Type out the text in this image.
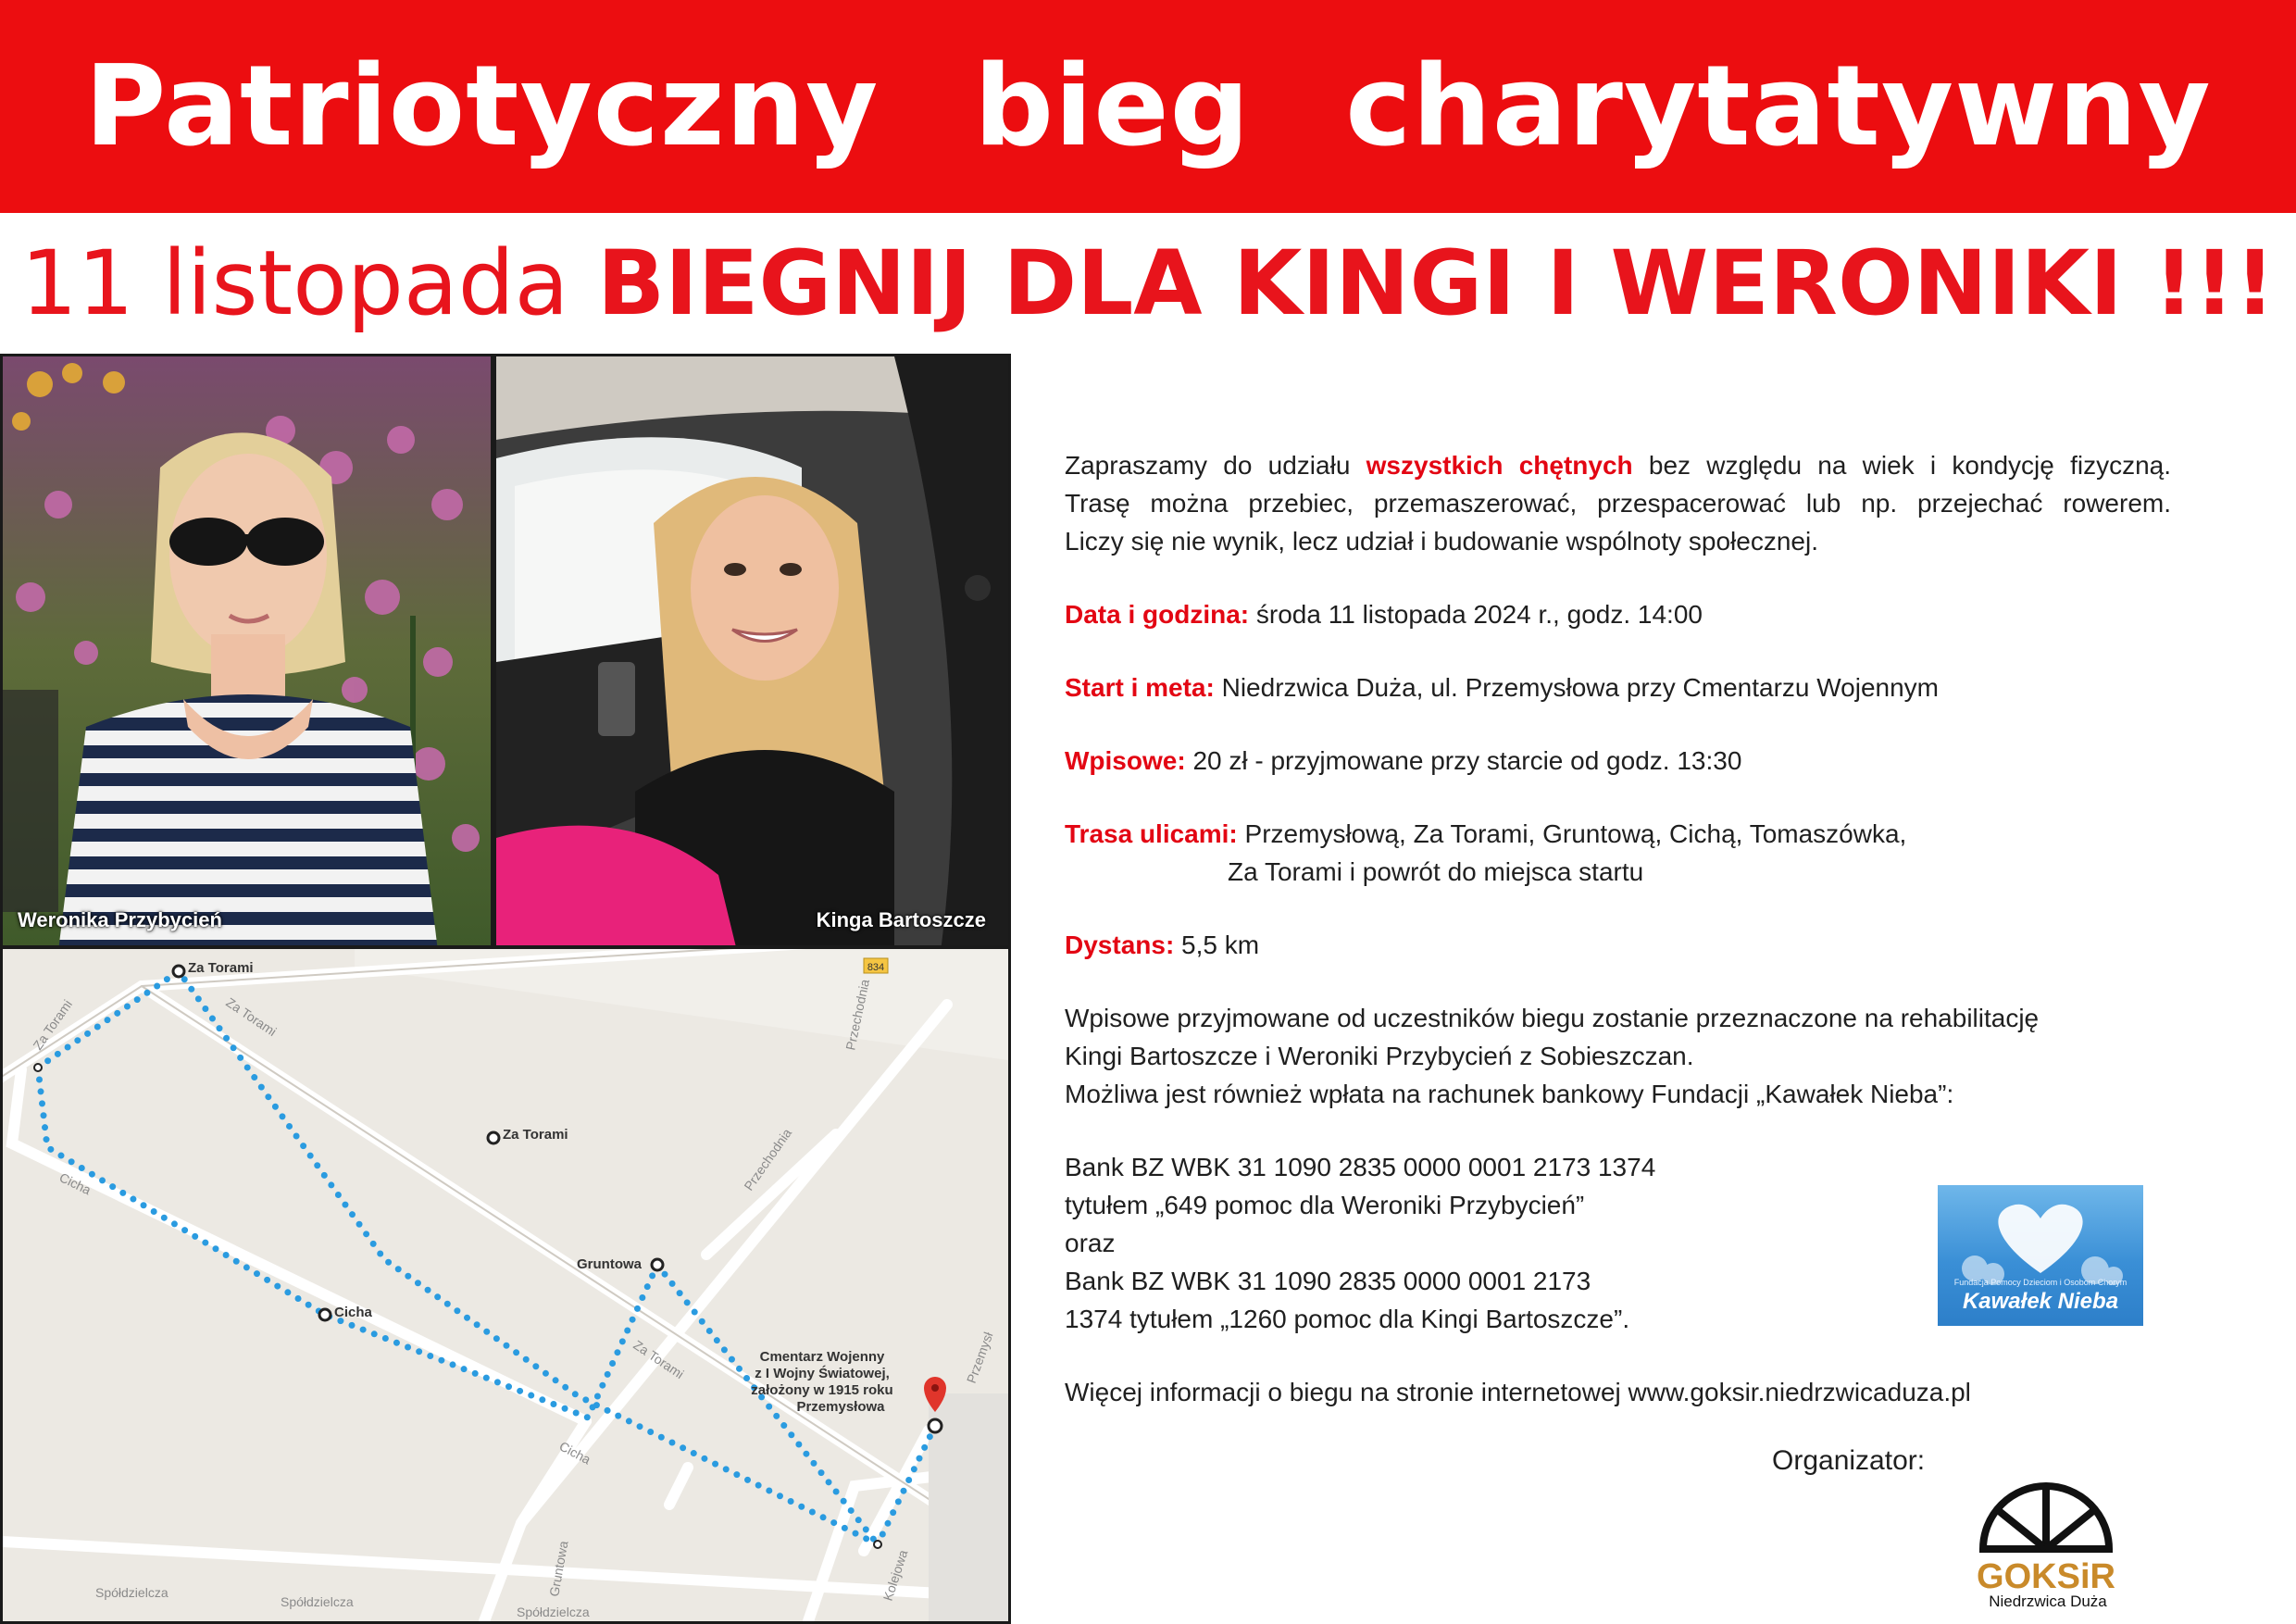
Patriotyczny bieg charytatywny
11 listopada BIEGNIJ DLA KINGI I WERONIKI !!!
Weronika Przybycień	Kinga Bartoszcze
834
Przechodnia
Przechodnia
Spółdzielcza
Spółdzielcza
Spółdzielcza
Kolejowa
Przemysł
Gruntowa
Za Torami	Za Torami
Za Torami
Cicha
Cicha
Za Torami
Za Torami
Cicha
Gruntowa
Cmentarz Wojenny
z I Wojny Światowej,
założony w 1915 roku
Przemysłowa

Zapraszamy do udziału wszystkich chętnych bez względu na wiek i kondycję fizyczną.

Trasę można przebiec, przemaszerować, przespacerować lub np. przejechać rowerem.

Liczy się nie wynik, lecz udział i budowanie wspólnoty społecznej.

Data i godzina: środa 11 listopada 2024 r., godz. 14:00

Start i meta: Niedrzwica Duża, ul. Przemysłowa przy Cmentarzu Wojennym

Wpisowe: 20 zł - przyjmowane przy starcie od godz. 13:30

Trasa ulicami: Przemysłową, Za Torami, Gruntową, Cichą, Tomaszówka,

Za Torami i powrót do miejsca startu

Dystans: 5,5 km

Wpisowe przyjmowane od uczestników biegu zostanie przeznaczone na rehabilitację

Kingi Bartoszcze i Weroniki Przybycień z Sobieszczan.

Możliwa jest również wpłata na rachunek bankowy Fundacji „Kawałek Nieba”:

Bank BZ WBK 31 1090 2835 0000 0001 2173 1374

tytułem „649 pomoc dla Weroniki Przybycień”

oraz

Bank BZ WBK 31 1090 2835 0000 0001 2173

1374 tytułem „1260 pomoc dla Kingi Bartoszcze”.

Więcej informacji o biegu na stronie internetowej www.goksir.niedrzwicaduza.pl

Fundacja Pomocy Dzieciom i Osobom Chorym
Kawałek Nieba
Organizator:
GOKSiR
Niedrzwica Duża
